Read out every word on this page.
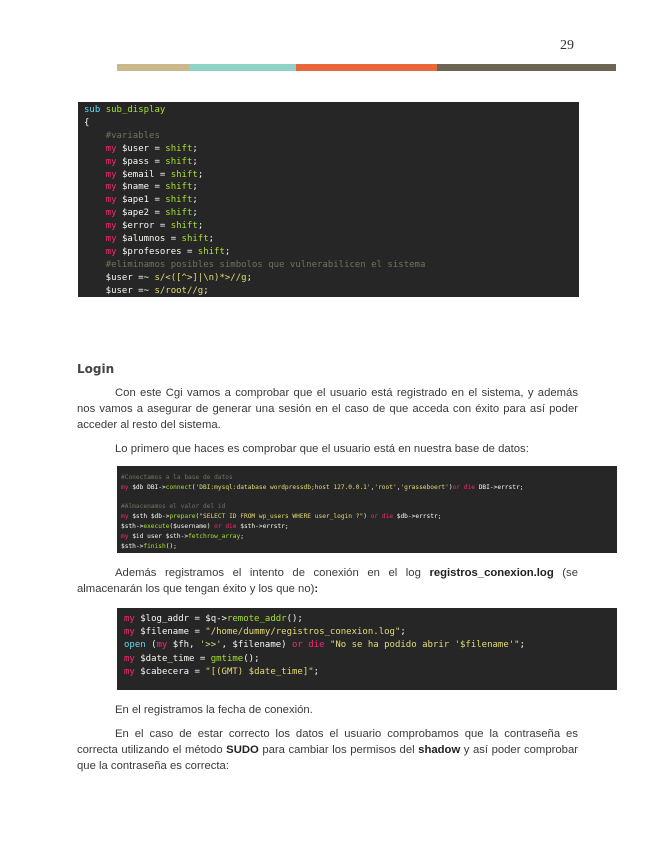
29
sub sub_display
{
#variables
my $user = shift;
my $pass = shift;
my $email = shift;
my $name = shift;
my $ape1 = shift;
my $ape2 = shift;
my $error = shift;
my $alumnos = shift;
my $profesores = shift;
#eliminamos posibles simbolos que vulnerabilicen el sistema
$user =~ s/<([^>]|\n)*>//g;
$user =~ s/root//g;
Login

Con este Cgi vamos a comprobar que el usuario está registrado en el sistema, y además nos vamos a asegurar de generar una sesión en el caso de que acceda con éxito para así poder acceder al resto del sistema.

Lo primero que haces es comprobar que el usuario está en nuestra base de datos:

#Conectamos a la base de datos
my $db DBI->connect('DBI:mysql:database wordpressdb;host 127.0.0.1','root','grasseboert')or die DBI->errstr;

#Almacenamos el valor del id
my $sth $db->prepare("SELECT ID FROM wp_users WHERE user_login ?") or die $db->errstr;
$sth->execute($username) or die $sth->errstr;
my $id user $sth->fetchrow_array;
$sth->finish();

Además registramos el intento de conexión en el log registros_conexion.log (se almacenarán los que tengan éxito y los que no):

my $log_addr = $q->remote_addr();
my $filename = "/home/dummy/registros_conexion.log";
open (my $fh, '>>', $filename) or die "No se ha podido abrir '$filename'";
my $date_time = gmtime();
my $cabecera = "[(GMT) $date_time]";

En el registramos la fecha de conexión.

En el caso de estar correcto los datos el usuario comprobamos que la contraseña es correcta utilizando el método SUDO para cambiar los permisos del shadow y así poder comprobar que la contraseña es correcta:
